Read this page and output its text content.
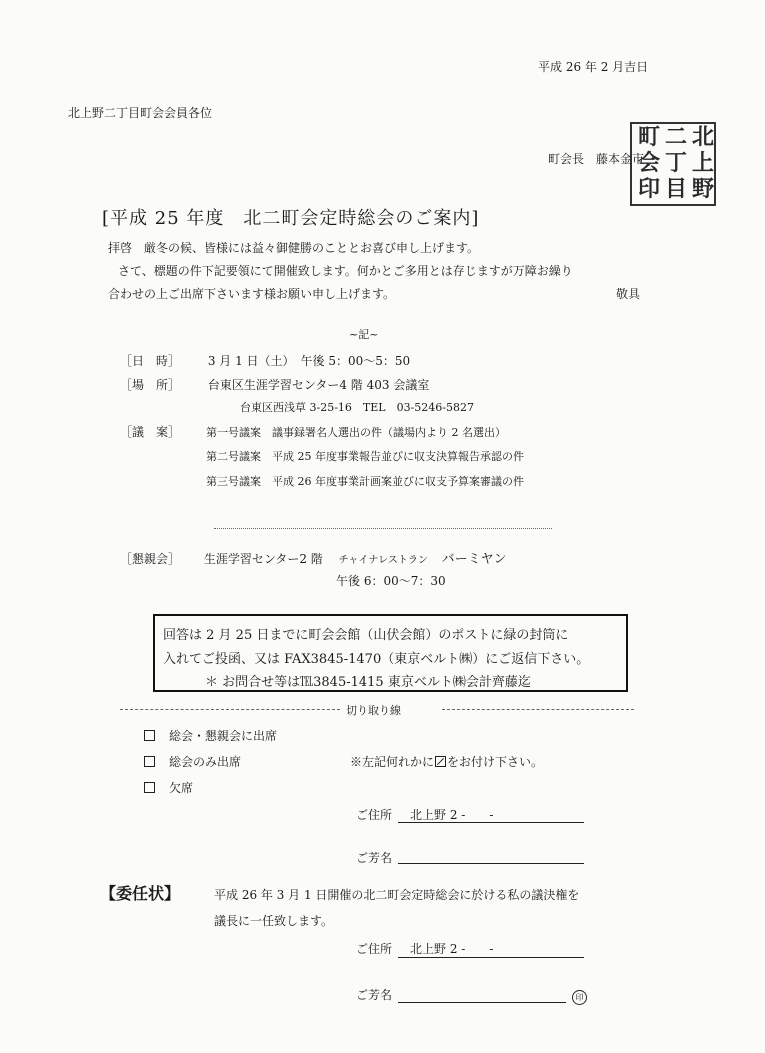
平成 26 年 2 月吉日
北上野二丁目町会会員各位
町会長　藤本金市
北
上
野
二
丁
目
町
会
印
[平成 25 年度　北二町会定時総会のご案内]
拝啓　厳冬の候、皆様には益々御健勝のこととお喜び申し上げます。
さて、標題の件下記要領にて開催致します。何かとご多用とは存じますが万障お繰り
合わせの上ご出席下さいます様お願い申し上げます。	敬具
~記~
［日　時］ 3 月 1 日（土）　午後 5：00〜5：50
［場　所］ 台東区生涯学習センター4 階 403 会議室
台東区西浅草 3-25-16　TEL　03-5246-5827
［議　案］ 第一号議案　議事録署名人選出の件（議場内より 2 名選出）
第二号議案　平成 25 年度事業報告並びに収支決算報告承認の件
第三号議案　平成 26 年度事業計画案並びに収支予算案審議の件
［懇親会］ 生涯学習センター2 階 チャイナレストラン バーミヤン
午後 6：00〜7：30
回答は 2 月 25 日までに町会会館（山伏会館）のポストに緑の封筒に
入れてご投函、又は FAX3845-1470（東京ベルト㈱）にご返信下さい。
＊ お問合せ等は℡3845-1415 東京ベルト㈱会計齊藤迄
切り取り線
総会・懇親会に出席
総会のみ出席
欠席
※左記何れかに をお付け下さい。
ご住所 北上野 2 -　　-
ご芳名
【委任状】	平成 26 年 3 月 1 日開催の北二町会定時総会に於ける私の議決権を
議長に一任致します。
ご住所 北上野 2 -　　-
ご芳名	印
